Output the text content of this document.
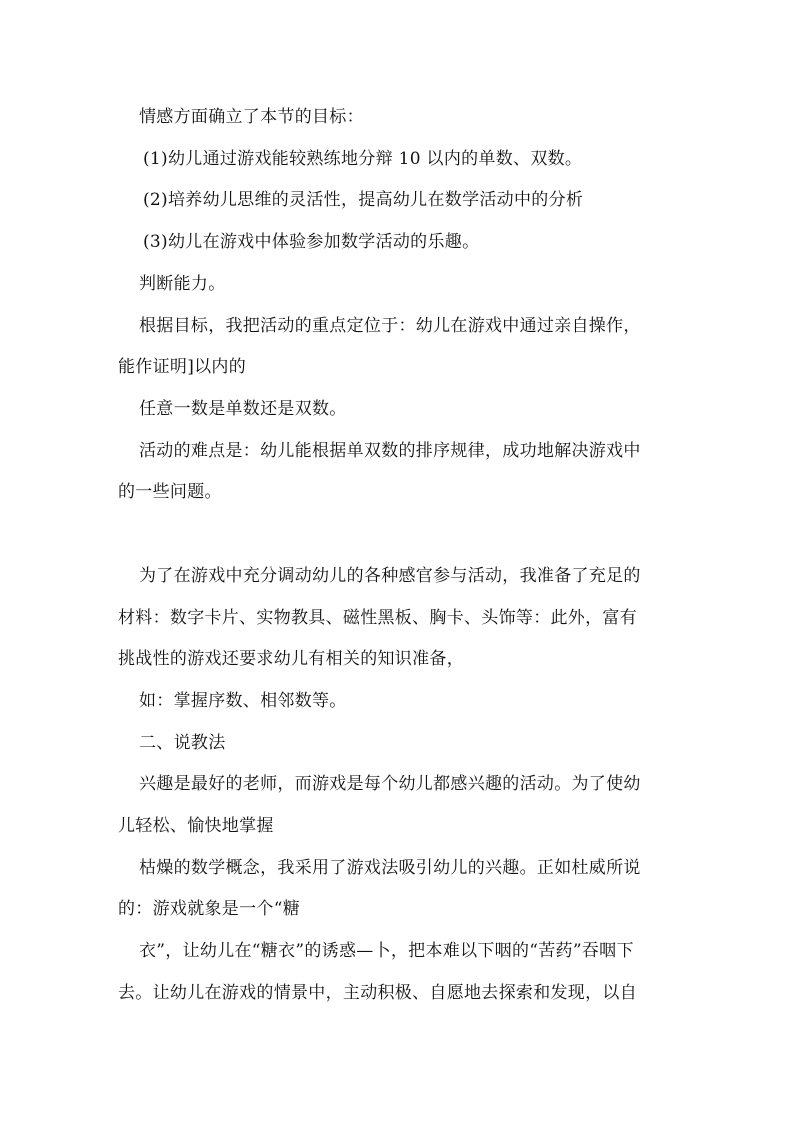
情感方面确立了本节的目标：
(1)幼儿通过游戏能较熟练地分辩 10 以内的单数、双数。
(2)培养幼儿思维的灵活性，提高幼儿在数学活动中的分析
(3)幼儿在游戏中体验参加数学活动的乐趣。
判断能力。
根据目标，我把活动的重点定位于：幼儿在游戏中通过亲自操作，
能作证明]以内的
任意一数是单数还是双数。
活动的难点是：幼儿能根据单双数的排序规律，成功地解决游戏中
的一些问题。
为了在游戏中充分调动幼儿的各种感官参与活动，我准备了充足的
材料：数字卡片、实物教具、磁性黑板、胸卡、头饰等：此外，富有
挑战性的游戏还要求幼儿有相关的知识准备，
如：掌握序数、相邻数等。
二、说教法
兴趣是最好的老师，而游戏是每个幼儿都感兴趣的活动。为了使幼
儿轻松、愉快地掌握
枯燥的数学概念，我采用了游戏法吸引幼儿的兴趣。正如杜威所说
的：游戏就象是一个“糖
衣”，让幼儿在“糖衣”的诱惑—卜，把本难以下咽的“苦药”吞咽下
去。让幼儿在游戏的情景中，主动积极、自愿地去探索和发现，以自
